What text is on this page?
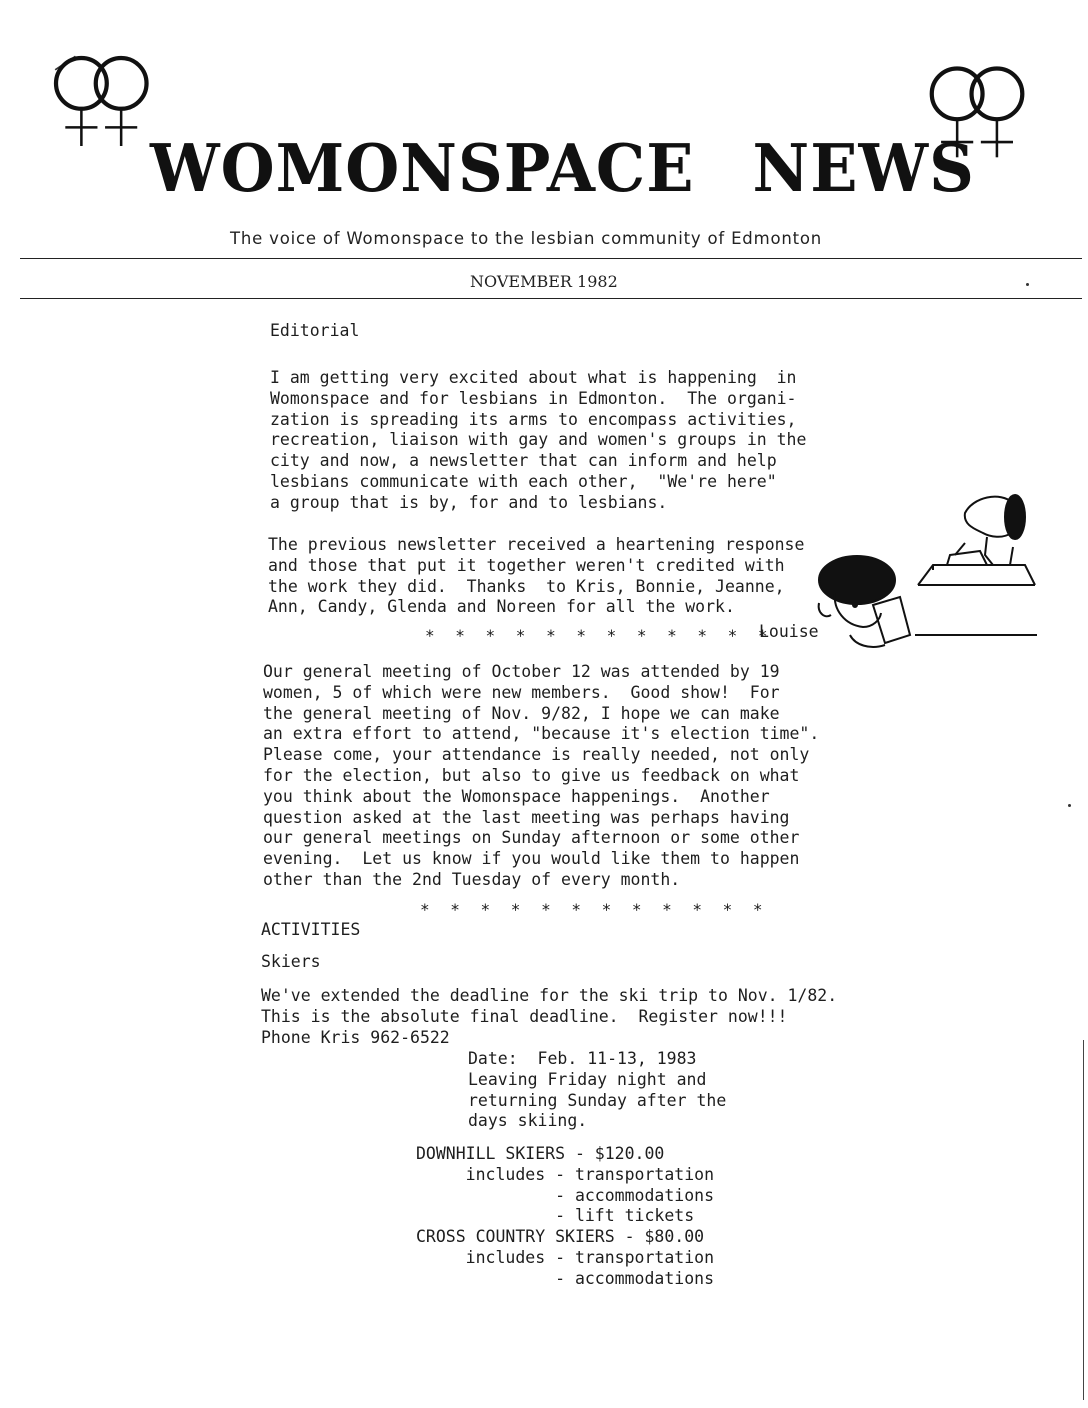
WOMONSPACE NEWS
The voice of Womonspace to the lesbian community of Edmonton
NOVEMBER 1982
Editorial
I am getting very excited about what is happening  in
Womonspace and for lesbians in Edmonton.  The organi-
zation is spreading its arms to encompass activities,
recreation, liaison with gay and women's groups in the
city and now, a newsletter that can inform and help
lesbians communicate with each other,  "We're here"
a group that is by, for and to lesbians.
The previous newsletter received a heartening response
and those that put it together weren't credited with
the work they did.  Thanks  to Kris, Bonnie, Jeanne,
Ann, Candy, Glenda and Noreen for all the work.
* * * * * * * * * * * *
Louise
Our general meeting of October 12 was attended by 19
women, 5 of which were new members.  Good show!  For
the general meeting of Nov. 9/82, I hope we can make
an extra effort to attend, "because it's election time".
Please come, your attendance is really needed, not only
for the election, but also to give us feedback on what
you think about the Womonspace happenings.  Another
question asked at the last meeting was perhaps having
our general meetings on Sunday afternoon or some other
evening.  Let us know if you would like them to happen
other than the 2nd Tuesday of every month.
* * * * * * * * * * * *
ACTIVITIES
Skiers
We've extended the deadline for the ski trip to Nov. 1/82.
This is the absolute final deadline.  Register now!!!
Phone Kris 962-6522
Date:  Feb. 11-13, 1983
Leaving Friday night and
returning Sunday after the
days skiing.
DOWNHILL SKIERS - $120.00
includes - transportation
- accommodations
- lift tickets
CROSS COUNTRY SKIERS - $80.00
includes - transportation
- accommodations
